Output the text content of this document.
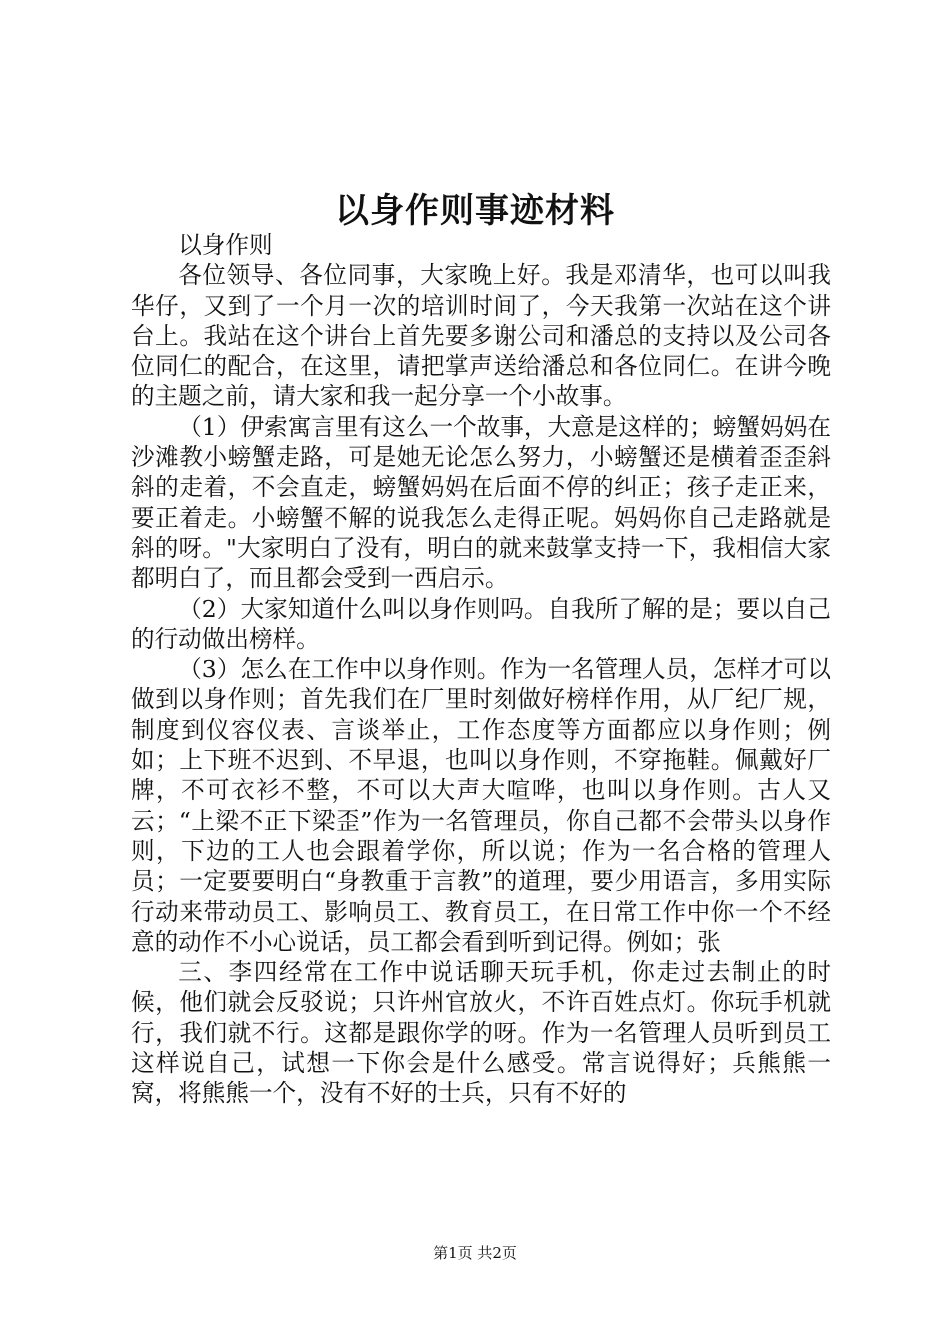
以身作则事迹材料

以身作则

各位领导、各位同事，大家晚上好。我是邓清华，也可以叫我华仔，又到了一个月一次的培训时间了，今天我第一次站在这个讲台上。我站在这个讲台上首先要多谢公司和潘总的支持以及公司各位同仁的配合，在这里，请把掌声送给潘总和各位同仁。在讲今晚的主题之前，请大家和我一起分享一个小故事。

（1）伊索寓言里有这么一个故事，大意是这样的；螃蟹妈妈在沙滩教小螃蟹走路，可是她无论怎么努力，小螃蟹还是横着歪歪斜斜的走着，不会直走，螃蟹妈妈在后面不停的纠正；孩子走正来，要正着走。小螃蟹不解的说我怎么走得正呢。妈妈你自己走路就是斜的呀。"大家明白了没有，明白的就来鼓掌支持一下，我相信大家都明白了，而且都会受到一西启示。

（2）大家知道什么叫以身作则吗。自我所了解的是；要以自己的行动做出榜样。

（3）怎么在工作中以身作则。作为一名管理人员，怎样才可以做到以身作则；首先我们在厂里时刻做好榜样作用，从厂纪厂规，制度到仪容仪表、言谈举止，工作态度等方面都应以身作则；例如；上下班不迟到、不早退，也叫以身作则，不穿拖鞋。佩戴好厂牌，不可衣衫不整，不可以大声大喧哗，也叫以身作则。古人又云；“上梁不正下梁歪”作为一名管理员，你自己都不会带头以身作则，下边的工人也会跟着学你，所以说；作为一名合格的管理人员；一定要要明白“身教重于言教”的道理，要少用语言，多用实际行动来带动员工、影响员工、教育员工，在日常工作中你一个不经意的动作不小心说话，员工都会看到听到记得。例如；张

三、李四经常在工作中说话聊天玩手机，你走过去制止的时候，他们就会反驳说；只许州官放火，不许百姓点灯。你玩手机就行，我们就不行。这都是跟你学的呀。作为一名管理人员听到员工这样说自己，试想一下你会是什么感受。常言说得好；兵熊熊一窝，将熊熊一个，没有不好的士兵，只有不好的

第1页 共2页
